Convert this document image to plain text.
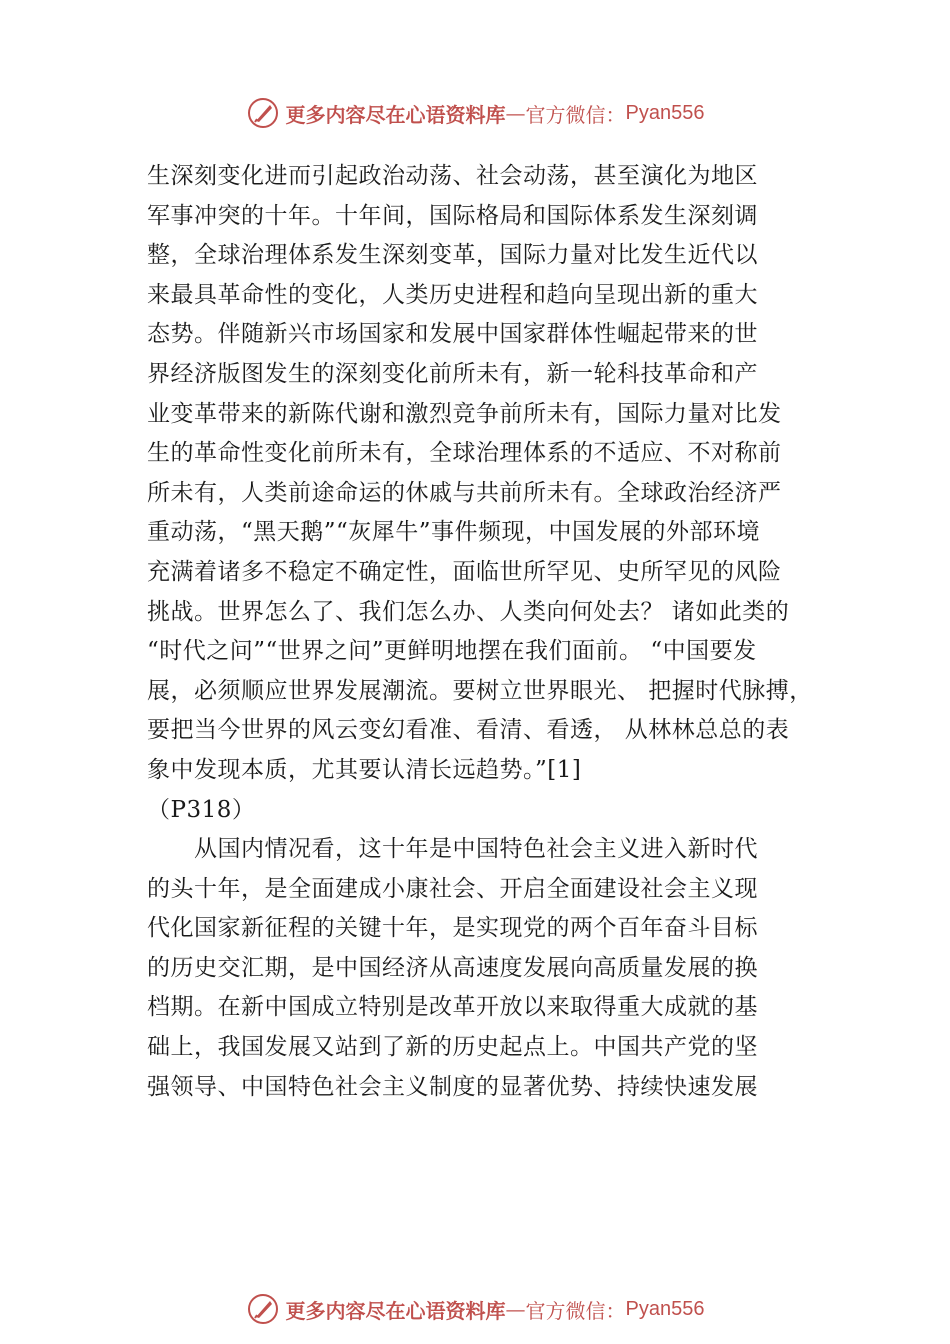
更多内容尽在心语资料库 — 官方微信： Pyan556
生深刻变化进而引起政治动荡、社会动荡，甚至演化为地区
军事冲突的十年。十年间，国际格局和国际体系发生深刻调
整，全球治理体系发生深刻变革，国际力量对比发生近代以
来最具革命性的变化，人类历史进程和趋向呈现出新的重大
态势。伴随新兴市场国家和发展中国家群体性崛起带来的世
界经济版图发生的深刻变化前所未有，新一轮科技革命和产
业变革带来的新陈代谢和激烈竞争前所未有，国际力量对比发
生的革命性变化前所未有，全球治理体系的不适应、不对称前
所未有，人类前途命运的休戚与共前所未有。全球政治经济严
重动荡，“黑天鹅”“灰犀牛”事件频现，中国发展的外部环境
充满着诸多不稳定不确定性，面临世所罕见、史所罕见的风险
挑战。世界怎么了、我们怎么办、人类向何处去？ 诸如此类的
“时代之问”“世界之问”更鲜明地摆在我们面前。 “中国要发
展，必须顺应世界发展潮流。要树立世界眼光、 把握时代脉搏，
要把当今世界的风云变幻看准、看清、看透， 从林林总总的表
象中发现本质，尤其要认清长远趋势。”[1]
（P318）
　　从国内情况看，这十年是中国特色社会主义进入新时代
的头十年，是全面建成小康社会、开启全面建设社会主义现
代化国家新征程的关键十年，是实现党的两个百年奋斗目标
的历史交汇期，是中国经济从高速度发展向高质量发展的换
档期。在新中国成立特别是改革开放以来取得重大成就的基
础上，我国发展又站到了新的历史起点上。中国共产党的坚
强领导、中国特色社会主义制度的显著优势、持续快速发展
更多内容尽在心语资料库 — 官方微信： Pyan556
